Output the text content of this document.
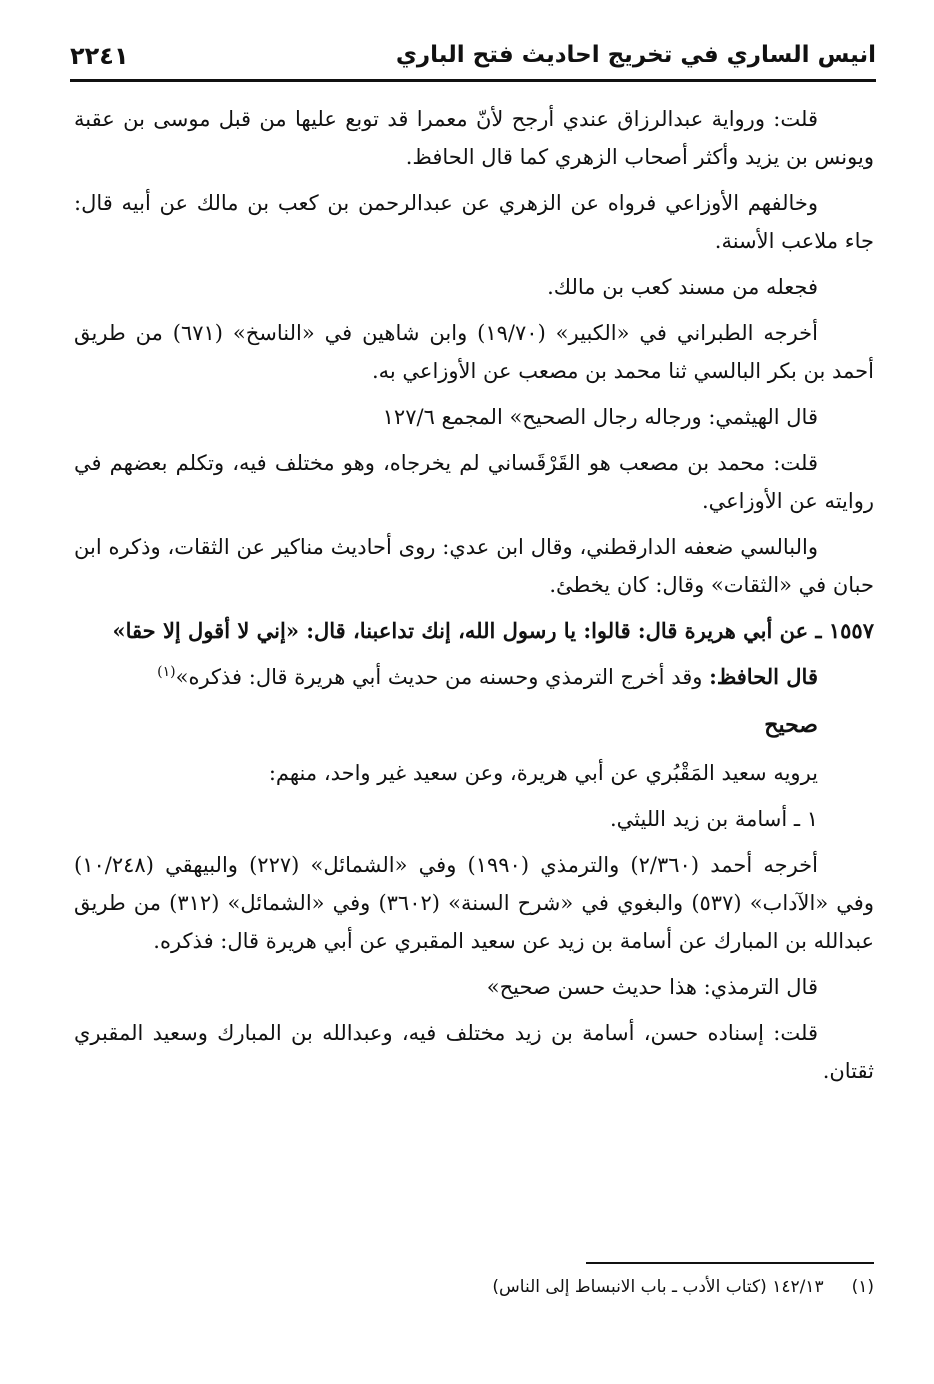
انيس الساري في تخريج احاديث فتح الباري
٢٢٤١

قلت: ورواية عبدالرزاق عندي أرجح لأنّ معمرا قد توبع عليها من قبل موسى بن عقبة ويونس بن يزيد وأكثر أصحاب الزهري كما قال الحافظ.

وخالفهم الأوزاعي فرواه عن الزهري عن عبدالرحمن بن كعب بن مالك عن أبيه قال: جاء ملاعب الأسنة.

فجعله من مسند كعب بن مالك.

أخرجه الطبراني في «الكبير» (١٩/٧٠) وابن شاهين في «الناسخ» (٦٧١) من طريق أحمد بن بكر البالسي ثنا محمد بن مصعب عن الأوزاعي به.

قال الهيثمي: ورجاله رجال الصحيح» المجمع ١٢٧/٦

قلت: محمد بن مصعب هو القَرْقَساني لم يخرجاه، وهو مختلف فيه، وتكلم بعضهم في روايته عن الأوزاعي.

والبالسي ضعفه الدارقطني، وقال ابن عدي: روى أحاديث مناكير عن الثقات، وذكره ابن حبان في «الثقات» وقال: كان يخطئ.

١٥٥٧ ـ عن أبي هريرة قال: قالوا: يا رسول الله، إنك تداعبنا، قال: «إني لا أقول إلا حقا»

قال الحافظ: وقد أخرج الترمذي وحسنه من حديث أبي هريرة قال: فذكره»$^{(١)}$

صحيح

يرويه سعيد المَقْبُري عن أبي هريرة، وعن سعيد غير واحد، منهم:

١ ـ أسامة بن زيد الليثي.

أخرجه أحمد (٢/٣٦٠) والترمذي (١٩٩٠) وفي «الشمائل» (٢٢٧) والبيهقي (١٠/٢٤٨) وفي «الآداب» (٥٣٧) والبغوي في «شرح السنة» (٣٦٠٢) وفي «الشمائل» (٣١٢) من طريق عبدالله بن المبارك عن أسامة بن زيد عن سعيد المقبري عن أبي هريرة قال: فذكره.

قال الترمذي: هذا حديث حسن صحيح»

قلت: إسناده حسن، أسامة بن زيد مختلف فيه، وعبدالله بن المبارك وسعيد المقبري ثقتان.

(١)١٤٢/١٣ (كتاب الأدب ـ باب الانبساط إلى الناس)
